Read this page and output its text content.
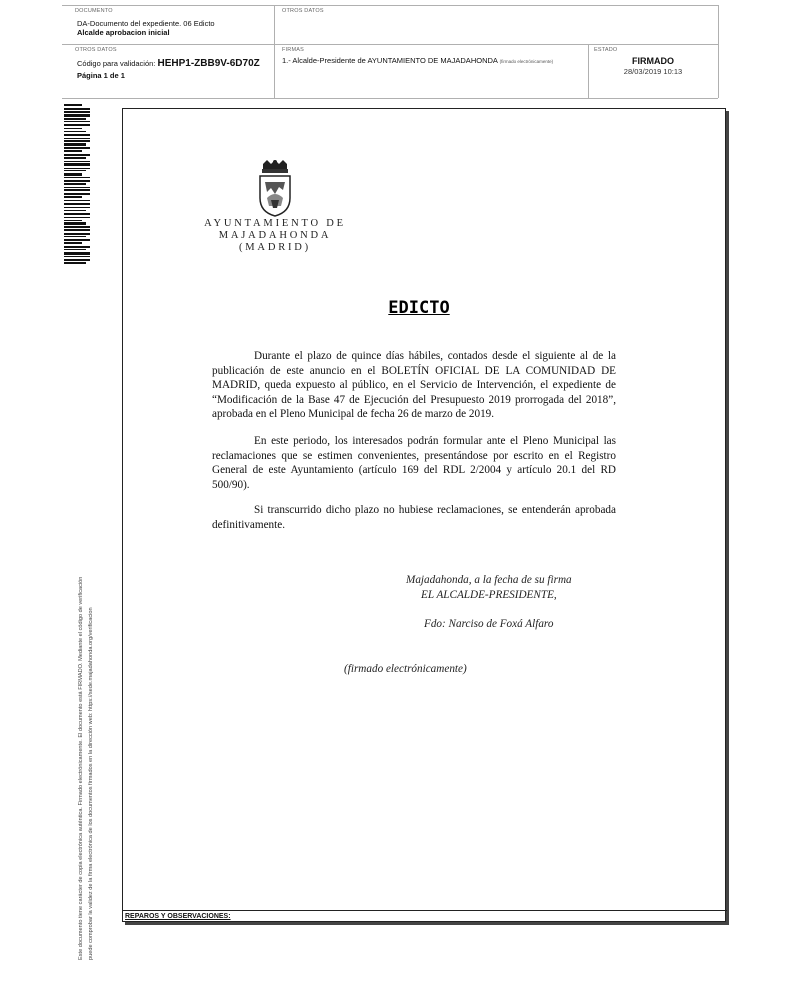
DOCUMENTO
DA-Documento del expediente. 06 Edicto
Alcalde aprobacion inicial
OTROS DATOS
OTROS DATOS
Código para validación: HEHP1-ZBB9V-6D70Z
Página 1 de 1
FIRMAS
1.- Alcalde-Presidente de AYUNTAMIENTO DE MAJADAHONDA (firmado electrónicamente)
ESTADO
FIRMADO
28/03/2019 10:13
Este documento tiene carácter de copia electrónica auténtica. Firmado electrónicamente. El documento está FIRMADO. Mediante el código de verificación puede comprobar la validez de la firma electrónica de los documentos firmados en la dirección web: https://sede.majadahonda.org/verificacion
AYUNTAMIENTO DE
MAJADAHONDA
(MADRID)
EDICTO
Durante el plazo de quince días hábiles, contados desde el siguiente al de la publicación de este anuncio en el BOLETÍN OFICIAL DE LA COMUNIDAD DE MADRID, queda expuesto al público, en el Servicio de Intervención, el expediente de “Modificación de la Base 47 de Ejecución del Presupuesto 2019 prorrogada del 2018”, aprobada en el Pleno Municipal de fecha 26 de marzo de 2019.
En este periodo, los interesados podrán formular ante el Pleno Municipal las reclamaciones que se estimen convenientes, presentándose por escrito en el Registro General de este Ayuntamiento (artículo 169 del RDL 2/2004 y artículo 20.1 del RD 500/90).
Si transcurrido dicho plazo no hubiese reclamaciones, se entenderán aprobada definitivamente.
Majadahonda, a la fecha de su firma
EL ALCALDE-PRESIDENTE,
Fdo: Narciso de Foxá Alfaro
(firmado electrónicamente)
REPAROS Y OBSERVACIONES:
